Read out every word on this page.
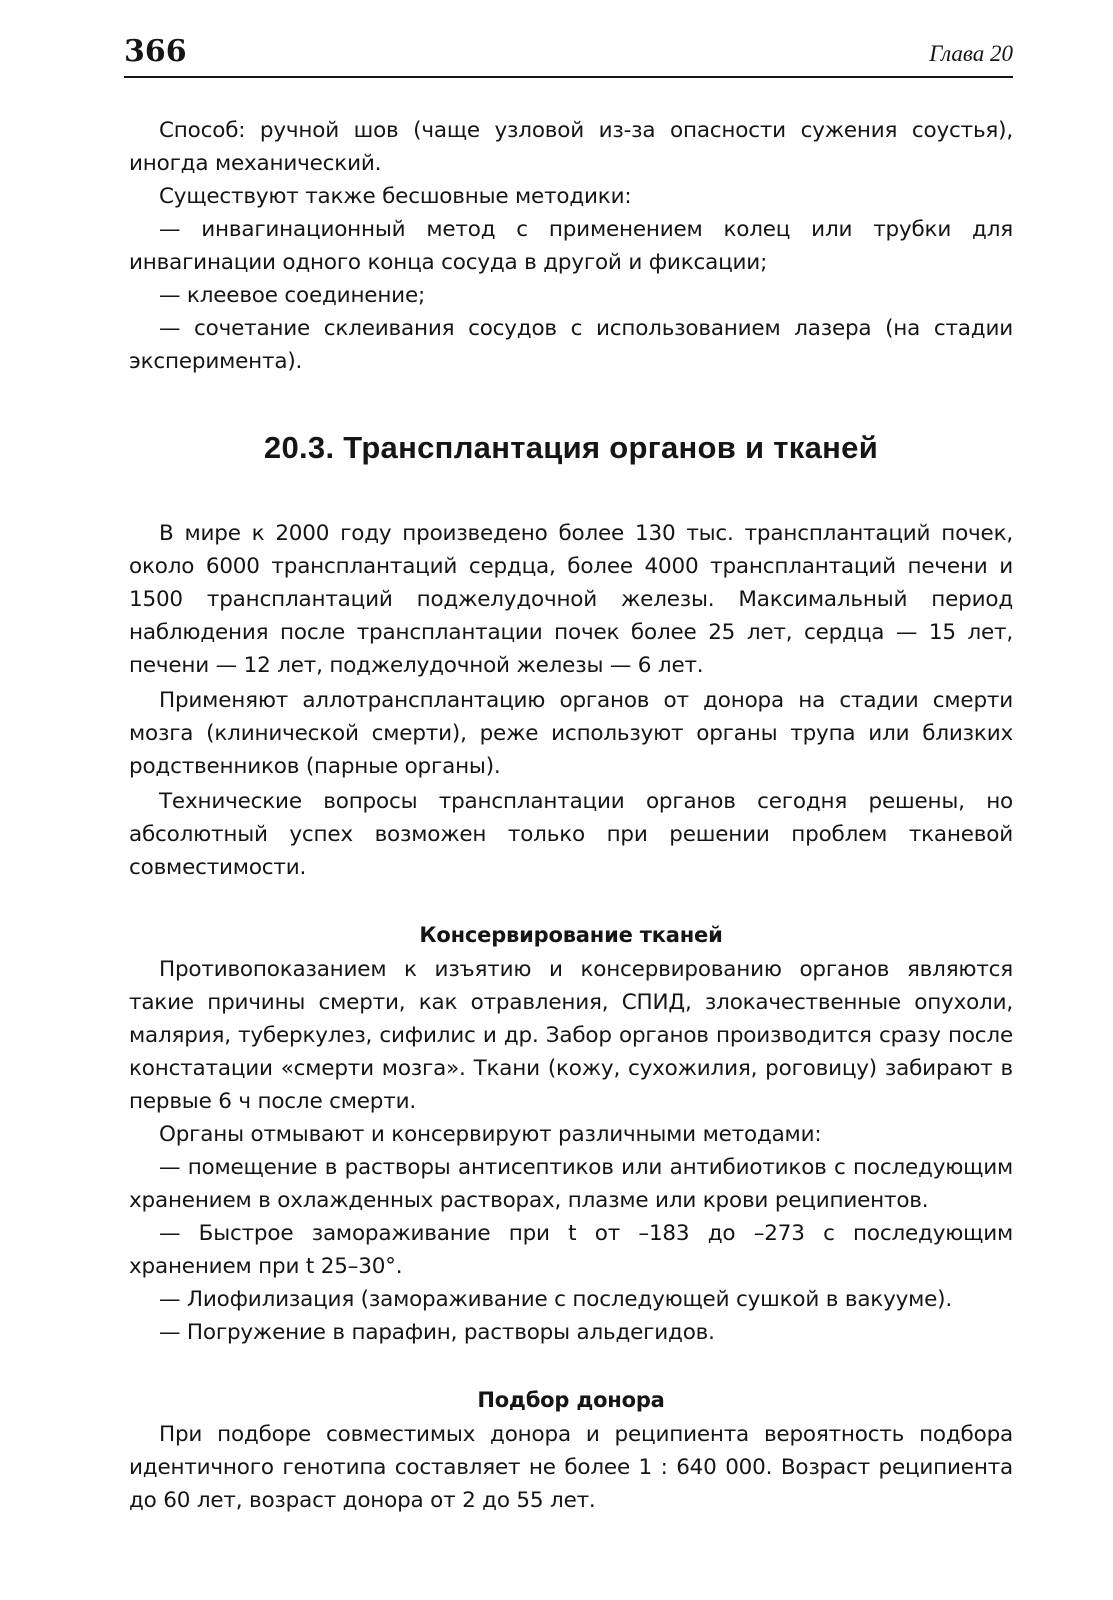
366	Глава 20

Способ: ручной шов (чаще узловой из-за опасности сужения соустья), иногда механический.

Существуют также бесшовные методики:

— инвагинационный метод с применением колец или трубки для инвагинации одного конца сосуда в другой и фиксации;

— клеевое соединение;

— сочетание склеивания сосудов с использованием лазера (на стадии эксперимента).

20.3. Трансплантация органов и тканей

В мире к 2000 году произведено более 130 тыс. трансплантаций почек, около 6000 трансплантаций сердца, более 4000 трансплантаций печени и 1500 трансплантаций поджелудочной железы. Максимальный период наблюдения после трансплантации почек более 25 лет, сердца — 15 лет, печени — 12 лет, поджелудочной железы — 6 лет.

Применяют аллотрансплантацию органов от донора на стадии смерти мозга (клинической смерти), реже используют органы трупа или близких родственников (парные органы).

Технические вопросы трансплантации органов сегодня решены, но абсолютный успех возможен только при решении проблем тканевой совместимости.

Консервирование тканей

Противопоказанием к изъятию и консервированию органов являются такие причины смерти, как отравления, СПИД, злокачественные опухоли, малярия, туберкулез, сифилис и др. Забор органов производится сразу после констатации «смерти мозга». Ткани (кожу, сухожилия, роговицу) забирают в первые 6 ч после смерти.

Органы отмывают и консервируют различными методами:

— помещение в растворы антисептиков или антибиотиков с последующим хранением в охлажденных растворах, плазме или крови реципиентов.

— Быстрое замораживание при t от –183 до –273 с последующим хранением при t 25–30°.

— Лиофилизация (замораживание с последующей сушкой в вакууме).

— Погружение в парафин, растворы альдегидов.

Подбор донора

При подборе совместимых донора и реципиента вероятность подбора идентичного генотипа составляет не более 1 : 640 000. Возраст реципиента до 60 лет, возраст донора от 2 до 55 лет.
